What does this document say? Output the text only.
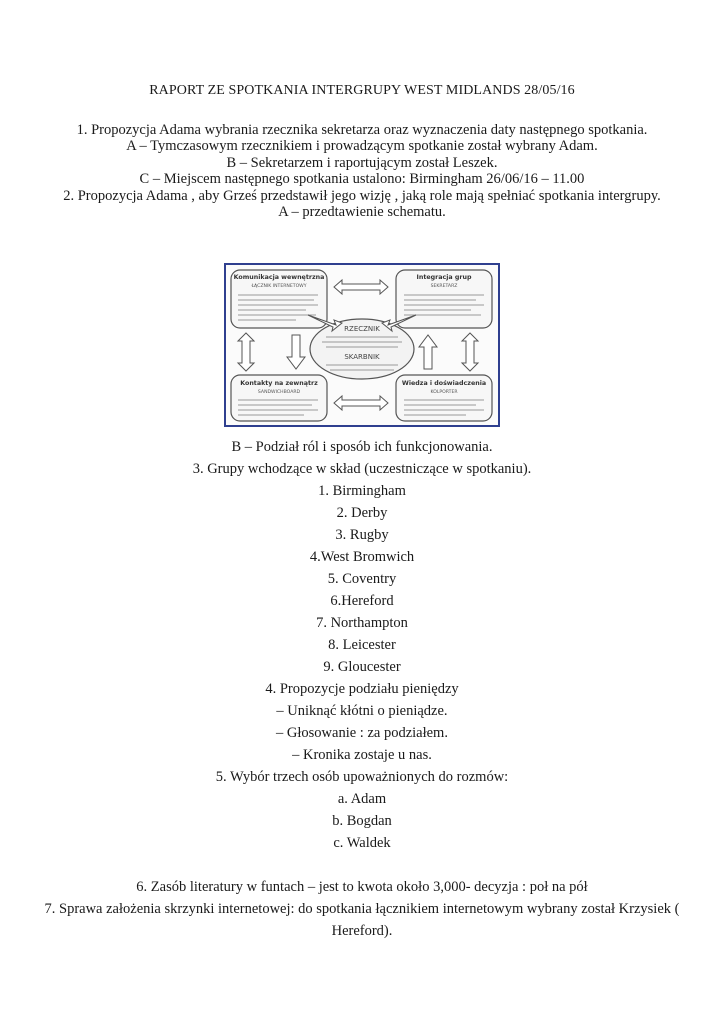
RAPORT ZE SPOTKANIA INTERGRUPY WEST MIDLANDS 28/05/16

1. Propozycja Adama wybrania rzecznika sekretarza oraz wyznaczenia daty następnego spotkania.

A – Tymczasowym rzecznikiem i prowadzącym spotkanie został wybrany Adam.

B – Sekretarzem i raportującym został Leszek.

C – Miejscem następnego spotkania ustalono: Birmingham 26/06/16 – 11.00

2. Propozycja Adama , aby Grześ przedstawił jego wizję , jaką role mają spełniać spotkania intergrupy.

A – przedtawienie schematu.

Komunikacja wewnętrzna
ŁĄCZNIK INTERNETOWY
Integracja grup
SEKRETARZ
Kontakty na zewnątrz
SANDWICHBOARD
Wiedza i doświadczenia
KOLPORTER
RZECZNIK
SKARBNIK

B – Podział ról i sposób ich funkcjonowania.

3. Grupy wchodzące w skład (uczestniczące w spotkaniu).

1. Birmingham

2. Derby

3. Rugby

4.West Bromwich

5. Coventry

6.Hereford

7. Northampton

8. Leicester

9. Gloucester

4. Propozycje podziału pieniędzy

– Uniknąć kłótni o pieniądze.

– Głosowanie : za podziałem.

– Kronika zostaje u nas.

5. Wybór trzech osób upoważnionych do rozmów:

a. Adam

b. Bogdan

c. Waldek

6. Zasób literatury w funtach – jest to kwota około 3,000- decyzja : poł na pół

7. Sprawa założenia skrzynki internetowej: do spotkania łącznikiem internetowym wybrany został Krzysiek ( Hereford).
